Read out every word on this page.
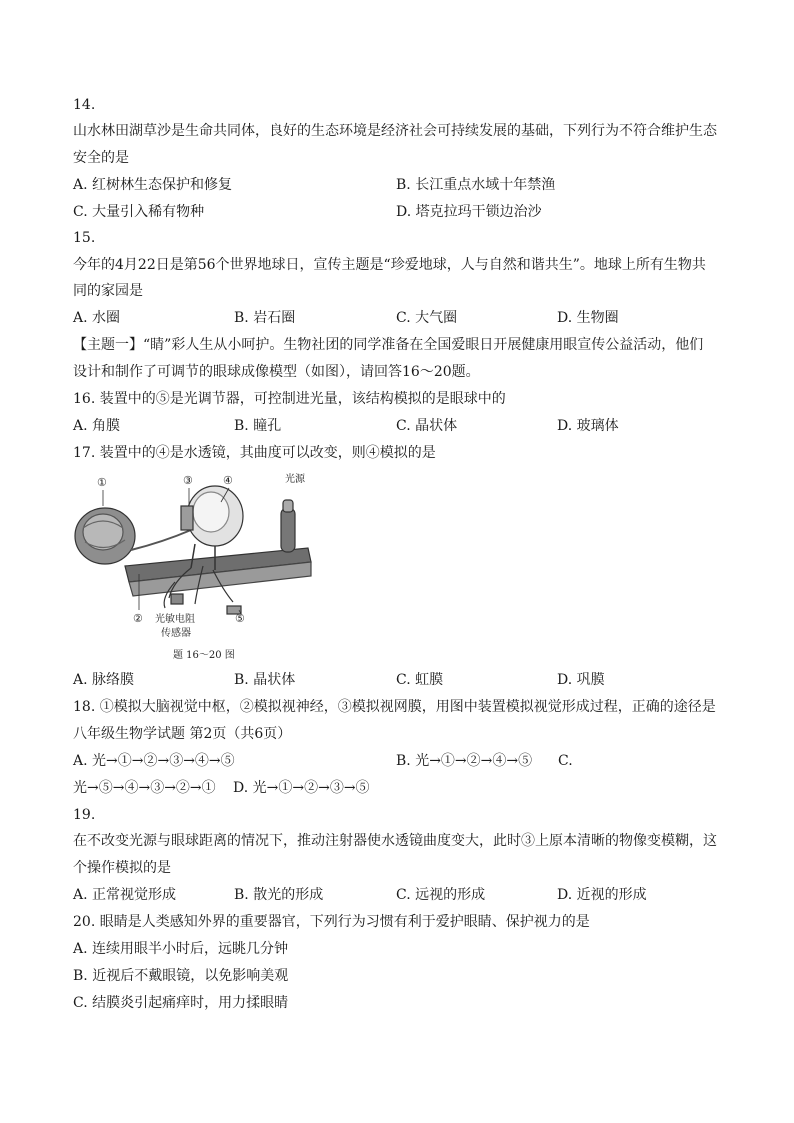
14.
山水林田湖草沙是生命共同体，良好的生态环境是经济社会可持续发展的基础，下列行为不符合维护生态
安全的是
A. 红树林生态保护和修复	B. 长江重点水域十年禁渔
C. 大量引入稀有物种	D. 塔克拉玛干锁边治沙
15.
今年的4月22日是第56个世界地球日，宣传主题是“珍爱地球，人与自然和谐共生”。地球上所有生物共
同的家园是
A. 水圈	B. 岩石圈	C. 大气圈	D. 生物圈
【主题一】“睛”彩人生从小呵护。生物社团的同学准备在全国爱眼日开展健康用眼宣传公益活动，他们
设计和制作了可调节的眼球成像模型（如图），请回答16～20题。
16. 装置中的⑤是光调节器，可控制进光量，该结构模拟的是眼球中的
A. 角膜	B. 瞳孔	C. 晶状体	D. 玻璃体
17. 装置中的④是水透镜，其曲度可以改变，则④模拟的是
①	③	④	光源
②	⑤
光敏电阻
传感器
题 16～20 图
A. 脉络膜	B. 晶状体	C. 虹膜	D. 巩膜
18. ①模拟大脑视觉中枢，②模拟视神经，③模拟视网膜，用图中装置模拟视觉形成过程，正确的途径是
八年级生物学试题 第2页（共6页）
A. 光→①→②→③→④→⑤	B. 光→①→②→④→⑤ C.
光→⑤→④→③→②→① D. 光→①→②→③→⑤
19.
在不改变光源与眼球距离的情况下，推动注射器使水透镜曲度变大，此时③上原本清晰的物像变模糊，这
个操作模拟的是
A. 正常视觉形成	B. 散光的形成	C. 远视的形成	D. 近视的形成
20. 眼睛是人类感知外界的重要器官，下列行为习惯有利于爱护眼睛、保护视力的是
A. 连续用眼半小时后，远眺几分钟
B. 近视后不戴眼镜，以免影响美观
C. 结膜炎引起痛痒时，用力揉眼睛
